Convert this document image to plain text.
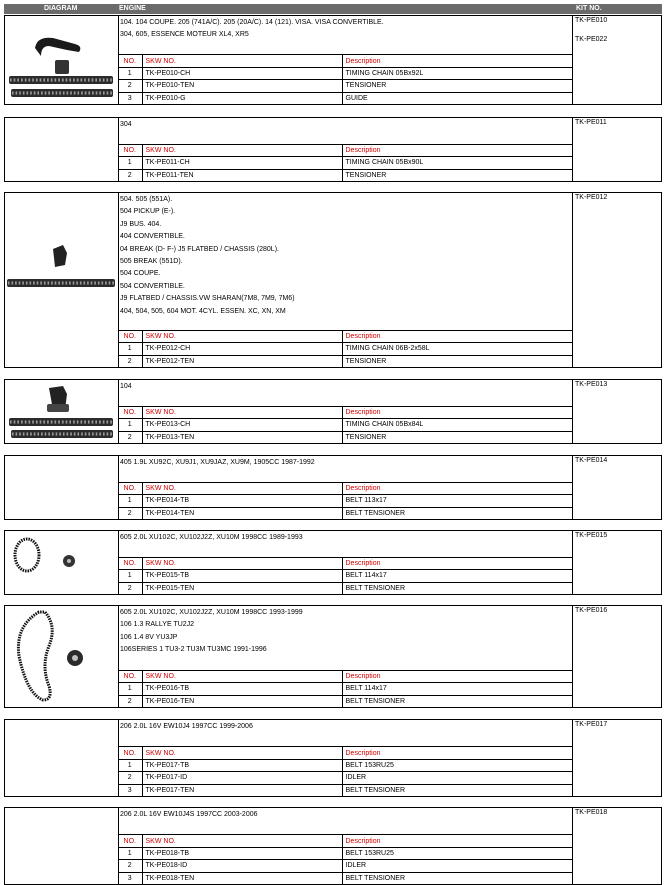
DIAGRAM	ENGINE	KIT NO.
104. 104 COUPE. 205 (741A/C). 205 (20A/C). 14 (121). VISA. VISA CONVERTIBLE.
304, 605, ESSENCE MOTEUR XL4, XR5
NO.	SKW NO.	Description
1	TK-PE010-CH	TIMING CHAIN 05Bx92L
2	TK-PE010-TEN	TENSIONER
3	TK-PE010-G	GUIDE
TK-PE010
TK-PE022
304
NO.	SKW NO.	Description
1	TK-PE011-CH	TIMING CHAIN 05Bx90L
2	TK-PE011-TEN	TENSIONER
TK-PE011
504. 505 (551A).
504 PICKUP (E-).
J9 BUS. 404.
404 CONVERTIBLE.
04 BREAK (D- F-) J5 FLATBED / CHASSIS (280L).
505 BREAK (551D).
504 COUPE.
504 CONVERTIBLE.
J9 FLATBED / CHASSIS.VW SHARAN(7M8, 7M9, 7M6)
404, 504, 505, 604 MOT. 4CYL. ESSEN. XC, XN, XM
NO.	SKW NO.	Description
1	TK-PE012-CH	TIMING CHAIN 06B-2x58L
2	TK-PE012-TEN	TENSIONER
TK-PE012
104
NO.	SKW NO.	Description
1	TK-PE013-CH	TIMING CHAIN 05Bx84L
2	TK-PE013-TEN	TENSIONER
TK-PE013
405 1.9L XU92C, XU9J1, XU9JAZ, XU9M, 1905CC 1987-1992
NO.	SKW NO.	Description
1	TK-PE014-TB	BELT 113x17
2	TK-PE014-TEN	BELT TENSIONER
TK-PE014
605 2.0L XU102C, XU102J2Z, XU10M 1998CC 1989-1993
NO.	SKW NO.	Description
1	TK-PE015-TB	BELT 114x17
2	TK-PE015-TEN	BELT TENSIONER
TK-PE015
605 2.0L XU102C, XU102J2Z, XU10M 1998CC 1993-1999
106 1.3 RALLYE TU2J2
106 1.4 8V YU3JP
106SERIES 1 TU3-2 TU3M TU3MC 1991-1996
NO.	SKW NO.	Description
1	TK-PE016-TB	BELT 114x17
2	TK-PE016-TEN	BELT TENSIONER
TK-PE016
206 2.0L 16V EW10J4 1997CC 1999-2006
NO.	SKW NO.	Description
1	TK-PE017-TB	BELT 153RU25
2	TK-PE017-ID	IDLER
3	TK-PE017-TEN	BELT TENSIONER
TK-PE017
206 2.0L 16V EW10J4S 1997CC 2003-2006
NO.	SKW NO.	Description
1	TK-PE018-TB	BELT 153RU25
2	TK-PE018-ID	IDLER
3	TK-PE018-TEN	BELT TENSIONER
TK-PE018
